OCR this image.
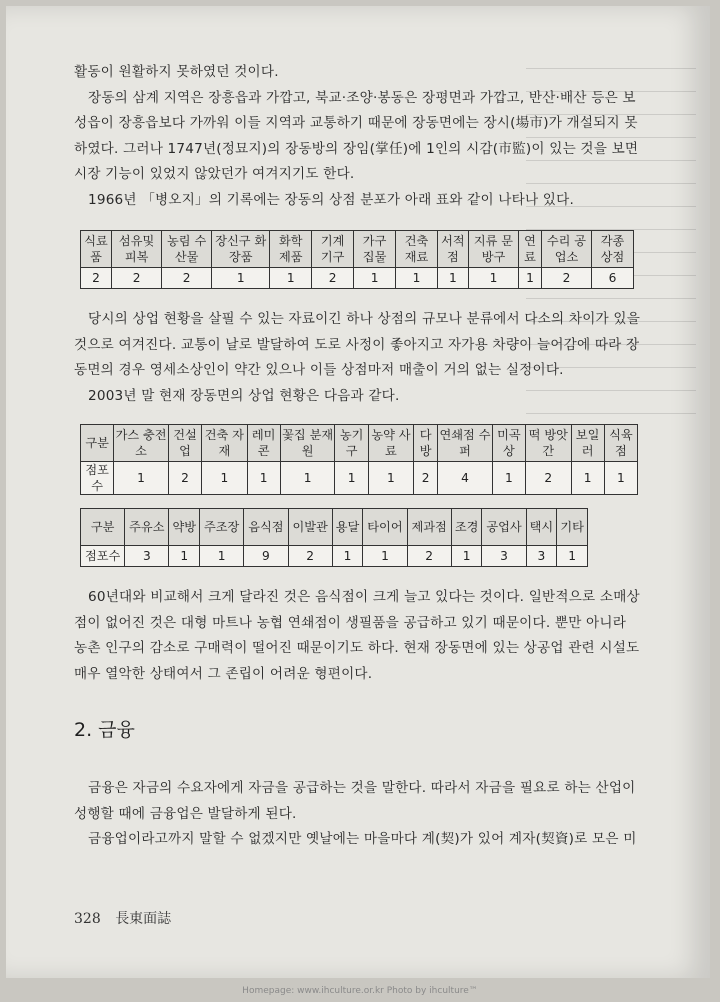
활동이 원활하지 못하였던 것이다.

장동의 삼계 지역은 장흥읍과 가깝고, 북교·조양·봉동은 장평면과 가깝고, 반산·배산 등은 보

성읍이 장흥읍보다 가까워 이들 지역과 교통하기 때문에 장동면에는 장시(場市)가 개설되지 못

하였다. 그러나 1747년(정묘지)의 장동방의 장임(掌任)에 1인의 시감(市監)이 있는 것을 보면

시장 기능이 있었지 않았던가 여겨지기도 한다.

1966년 「병오지」의 기록에는 장동의 상점 분포가 아래 표와 같이 나타나 있다.

식료품	섬유및 피복	농림 수산물	장신구 화장품	화학 제품	기계 기구	가구 집물	건축 재료	서적점	지류 문방구	연료	수리 공업소	각종 상점
2	2	2	1	1	2	1	1	1	1	1	2	6

당시의 상업 현황을 살필 수 있는 자료이긴 하나 상점의 규모나 분류에서 다소의 차이가 있을

것으로 여겨진다. 교통이 날로 발달하여 도로 사정이 좋아지고 자가용 차량이 늘어감에 따라 장

동면의 경우 영세소상인이 약간 있으나 이들 상점마저 매출이 거의 없는 실정이다.

2003년 말 현재 장동면의 상업 현황은 다음과 같다.

구분	가스 충전소	건설업	건축 자재	레미콘	꽃집 분재원	농기구	농약 사료	다방	연쇄점 수퍼	미곡상	떡 방앗간	보일러	식육점
점포수	1	2	1	1	1	1	1	2	4	1	2	1	1
구분	주유소	약방	주조장	음식점	이발관	용달	타이어	제과점	조경	공업사	택시	기타
점포수	3	1	1	9	2	1	1	2	1	3	3	1

60년대와 비교해서 크게 달라진 것은 음식점이 크게 늘고 있다는 것이다. 일반적으로 소매상

점이 없어진 것은 대형 마트나 농협 연쇄점이 생필품을 공급하고 있기 때문이다. 뿐만 아니라

농촌 인구의 감소로 구매력이 떨어진 때문이기도 하다. 현재 장동면에 있는 상공업 관련 시설도

매우 열악한 상태여서 그 존립이 어려운 형편이다.

2. 금융

금융은 자금의 수요자에게 자금을 공급하는 것을 말한다. 따라서 자금을 필요로 하는 산업이

성행할 때에 금융업은 발달하게 된다.

금융업이라고까지 말할 수 없겠지만 옛날에는 마을마다 계(契)가 있어 계자(契資)로 모은 미

328 長東面誌
Homepage: www.ihculture.or.kr Photo by ihculture™
